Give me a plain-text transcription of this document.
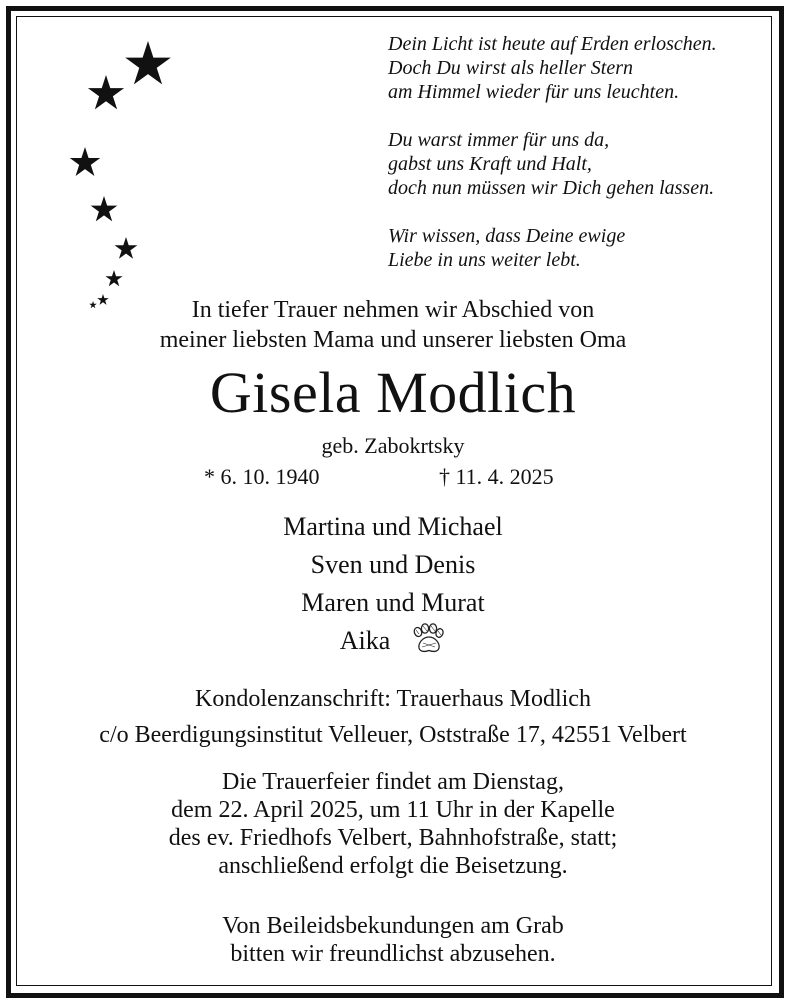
Dein Licht ist heute auf Erden erloschen.
Doch Du wirst als heller Stern
am Himmel wieder für uns leuchten.
Du warst immer für uns da,
gabst uns Kraft und Halt,
doch nun müssen wir Dich gehen lassen.
Wir wissen, dass Deine ewige
Liebe in uns weiter lebt.
In tiefer Trauer nehmen wir Abschied von
meiner liebsten Mama und unserer liebsten Oma
Gisela Modlich
geb. Zabokrtsky
* 6. 10. 1940	† 11. 4. 2025
Martina und Michael
Sven und Denis
Maren und Murat
Aika
Kondolenzanschrift: Trauerhaus Modlich
c/o Beerdigungsinstitut Velleuer, Oststraße 17, 42551 Velbert
Die Trauerfeier findet am Dienstag,
dem 22. April 2025, um 11 Uhr in der Kapelle
des ev. Friedhofs Velbert, Bahnhofstraße, statt;
anschließend erfolgt die Beisetzung.
Von Beileidsbekundungen am Grab
bitten wir freundlichst abzusehen.
